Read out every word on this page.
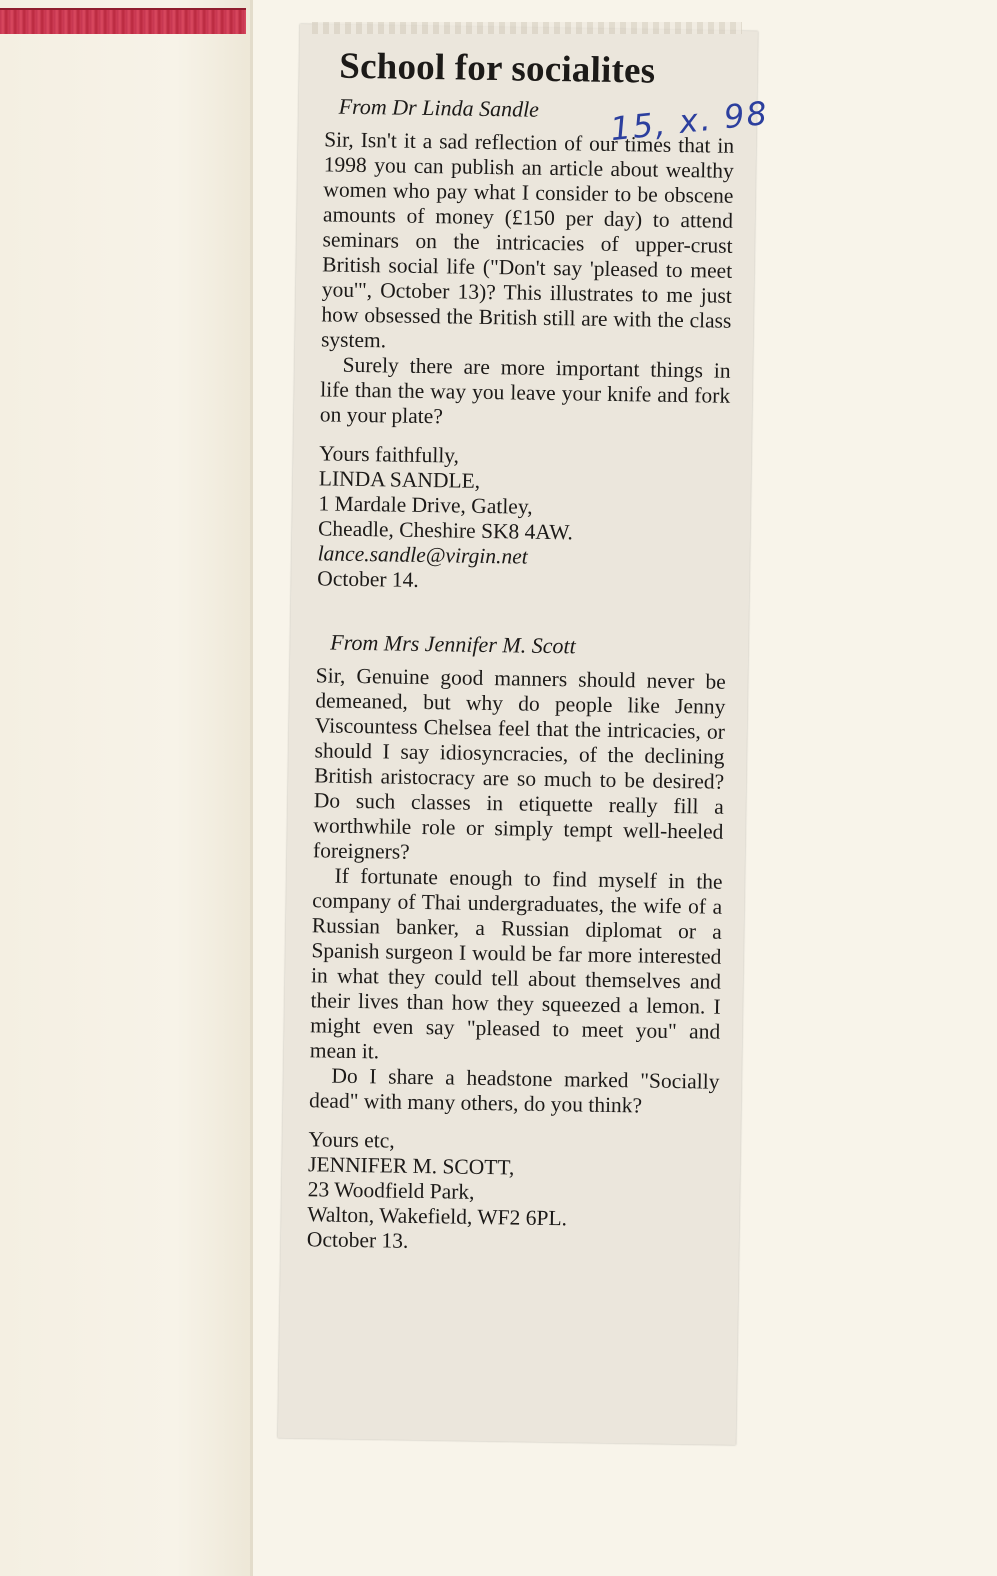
School for socialites
From Dr Linda Sandle

Sir, Isn't it a sad reflection of our times that in 1998 you can publish an article about wealthy women who pay what I consider to be obscene amounts of money (£150 per day) to attend seminars on the intricacies of upper-crust British social life ("Don't say 'pleased to meet you'", October 13)? This illustrates to me just how obsessed the British still are with the class system.

Surely there are more important things in life than the way you leave your knife and fork on your plate?

Yours faithfully,

LINDA SANDLE,

1 Mardale Drive, Gatley,

Cheadle, Cheshire SK8 4AW.

lance.sandle@virgin.net

October 14.

From Mrs Jennifer M. Scott

Sir, Genuine good manners should never be demeaned, but why do people like Jenny Viscountess Chelsea feel that the intricacies, or should I say idiosyncracies, of the declining British aristocracy are so much to be desired? Do such classes in etiquette really fill a worthwhile role or simply tempt well-heeled foreigners?

If fortunate enough to find myself in the company of Thai undergraduates, the wife of a Russian banker, a Russian diplomat or a Spanish surgeon I would be far more interested in what they could tell about themselves and their lives than how they squeezed a lemon. I might even say "pleased to meet you" and mean it.

Do I share a headstone marked "Socially dead" with many others, do you think?

Yours etc,

JENNIFER M. SCOTT,

23 Woodfield Park,

Walton, Wakefield, WF2 6PL.

October 13.

15, x. 98
